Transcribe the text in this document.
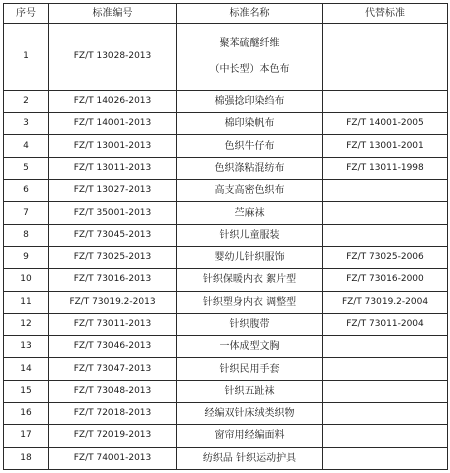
序号	标准编号	标准名称	代替标准
1	FZ/T 13028-2013	聚苯硫醚纤维
（中长型）本色布	

2	FZ/T 14026-2013	棉强捻印染绉布	
3	FZ/T 14001-2013	棉印染帆布	FZ/T 14001-2005
4	FZ/T 13001-2013	色织牛仔布	FZ/T 13001-2001
5	FZ/T 13011-2013	色织涤粘混纺布	FZ/T 13011-1998
6	FZ/T 13027-2013	高支高密色织布	
7	FZ/T 35001-2013	苎麻袜	
8	FZ/T 73045-2013	针织儿童服装	
9	FZ/T 73025-2013	婴幼儿针织服饰	FZ/T 73025-2006
10	FZ/T 73016-2013	针织保暖内衣 絮片型	FZ/T 73016-2000
11	FZ/T 73019.2-2013	针织塑身内衣 调整型	FZ/T 73019.2-2004
12	FZ/T 73011-2013	针织腹带	FZ/T 73011-2004
13	FZ/T 73046-2013	一体成型文胸	
14	FZ/T 73047-2013	针织民用手套	
15	FZ/T 73048-2013	针织五趾袜	
16	FZ/T 72018-2013	经编双针床绒类织物	
17	FZ/T 72019-2013	窗帘用经编面料	
18	FZ/T 74001-2013	纺织品 针织运动护具	
